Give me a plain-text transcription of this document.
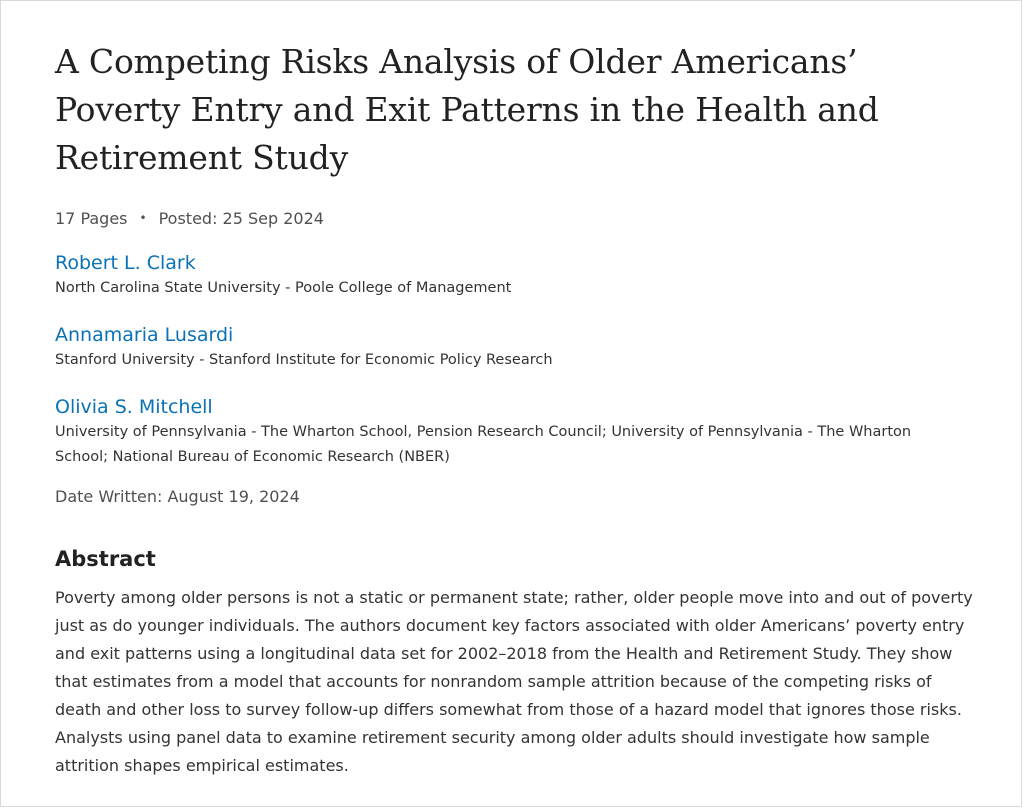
A Competing Risks Analysis of Older Americans’ Poverty Entry and Exit Patterns in the Health and Retirement Study
17 Pages • Posted: 25 Sep 2024
Robert L. Clark
North Carolina State University - Poole College of Management
Annamaria Lusardi
Stanford University - Stanford Institute for Economic Policy Research
Olivia S. Mitchell
University of Pennsylvania - The Wharton School, Pension Research Council; University of Pennsylvania - The Wharton School; National Bureau of Economic Research (NBER)
Date Written: August 19, 2024
Abstract
Poverty among older persons is not a static or permanent state; rather, older people move into and out of poverty just as do younger individuals. The authors document key factors associated with older Americans’ poverty entry and exit patterns using a longitudinal data set for 2002–2018 from the Health and Retirement Study. They show that estimates from a model that accounts for nonrandom sample attrition because of the competing risks of death and other loss to survey follow-up differs somewhat from those of a hazard model that ignores those risks. Analysts using panel data to examine retirement security among older adults should investigate how sample attrition shapes empirical estimates.
